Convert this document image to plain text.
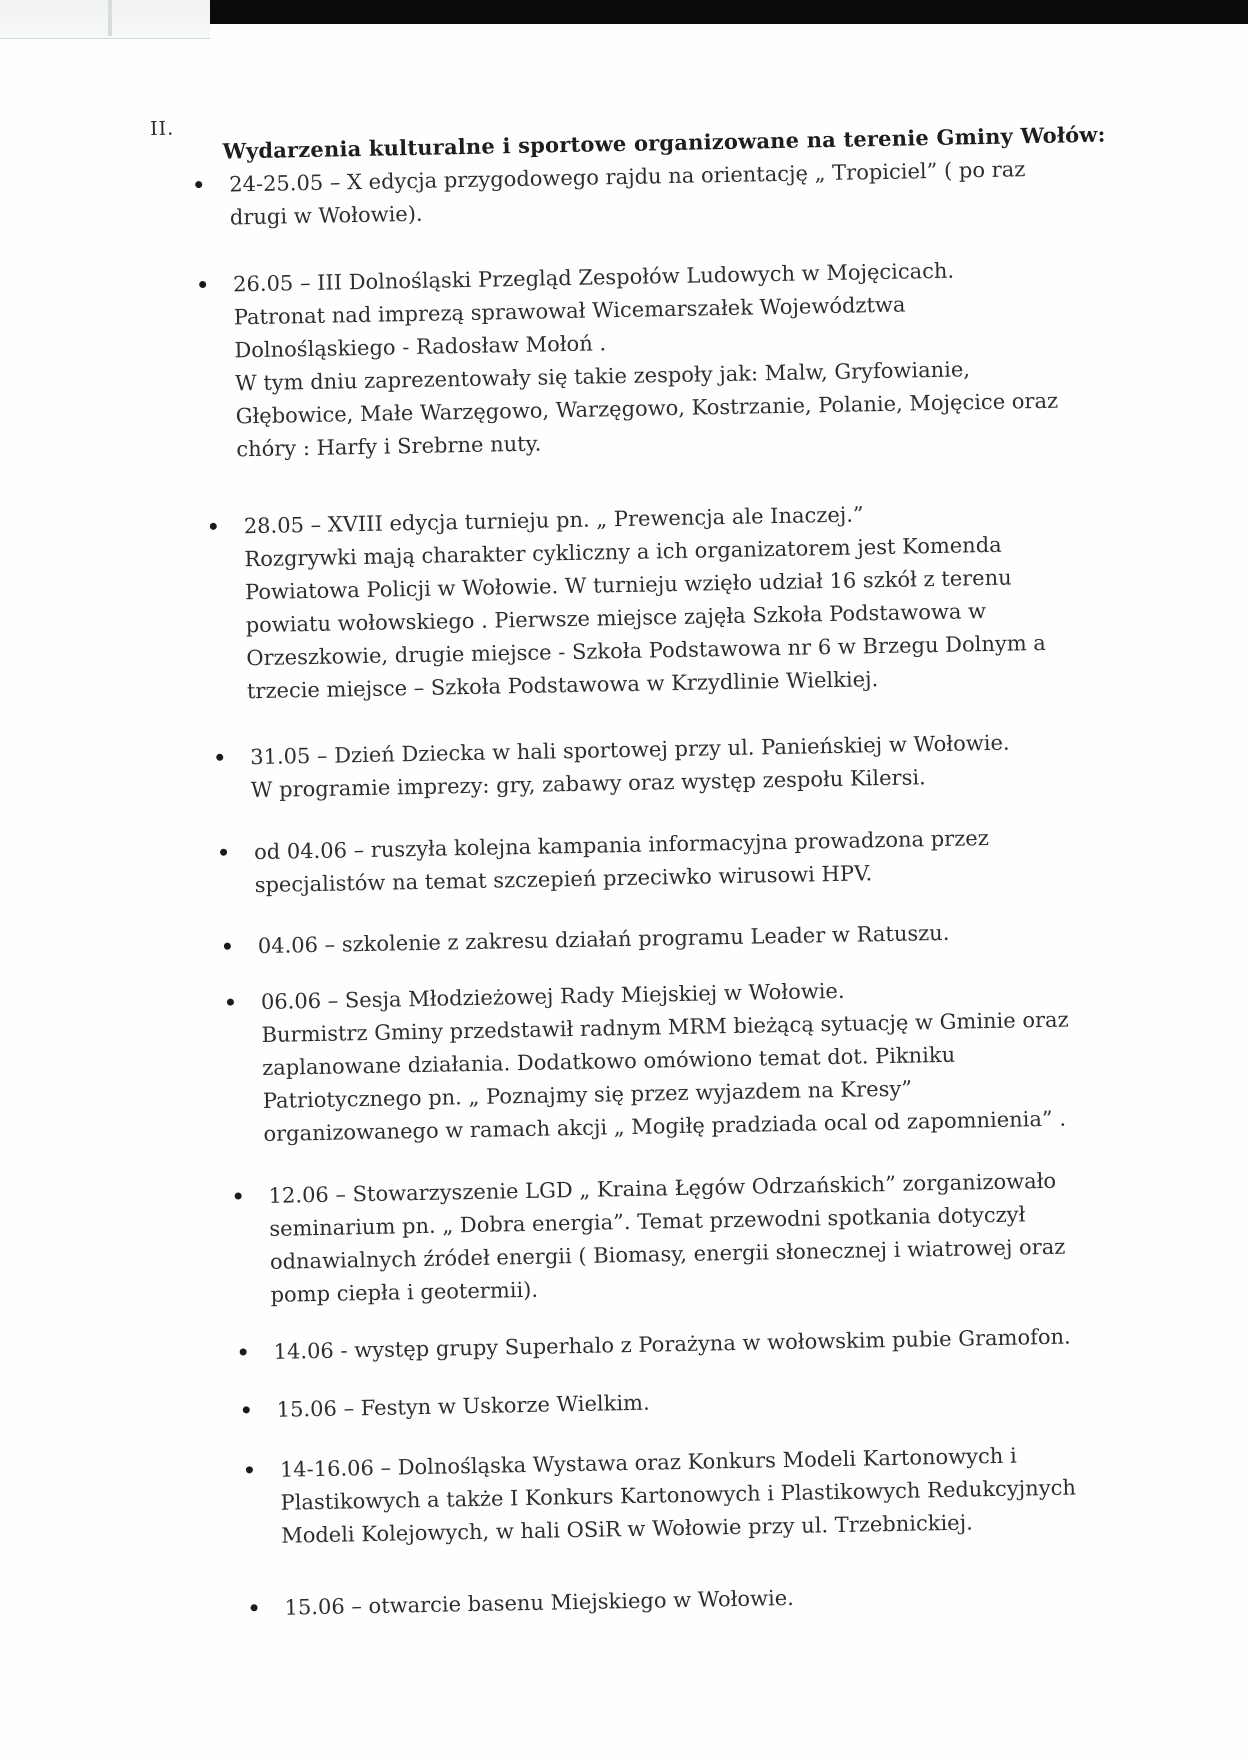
II. Wydarzenia kulturalne i sportowe organizowane na terenie Gminy Wołów:
24-25.05 – X edycja przygodowego rajdu na orientację „ Tropiciel” ( po raz
drugi w Wołowie).
26.05 – III Dolnośląski Przegląd Zespołów Ludowych w Mojęcicach.
Patronat nad imprezą sprawował Wicemarszałek Województwa
Dolnośląskiego - Radosław Mołoń .
W tym dniu zaprezentowały się takie zespoły jak: Malw, Gryfowianie,
Głębowice, Małe Warzęgowo, Warzęgowo, Kostrzanie, Polanie, Mojęcice oraz
chóry : Harfy i Srebrne nuty.
28.05 – XVIII edycja turnieju pn. „ Prewencja ale Inaczej.”
Rozgrywki mają charakter cykliczny a ich organizatorem jest Komenda
Powiatowa Policji w Wołowie. W turnieju wzięło udział 16 szkół z terenu
powiatu wołowskiego . Pierwsze miejsce zajęła Szkoła Podstawowa w
Orzeszkowie, drugie miejsce - Szkoła Podstawowa nr 6 w Brzegu Dolnym a
trzecie miejsce – Szkoła Podstawowa w Krzydlinie Wielkiej.
31.05 – Dzień Dziecka w hali sportowej przy ul. Panieńskiej w Wołowie.
W programie imprezy: gry, zabawy oraz występ zespołu Kilersi.
od 04.06 – ruszyła kolejna kampania informacyjna prowadzona przez
specjalistów na temat szczepień przeciwko wirusowi HPV.
04.06 – szkolenie z zakresu działań programu Leader w Ratuszu.
06.06 – Sesja Młodzieżowej Rady Miejskiej w Wołowie.
Burmistrz Gminy przedstawił radnym MRM bieżącą sytuację w Gminie oraz
zaplanowane działania. Dodatkowo omówiono temat dot. Pikniku
Patriotycznego pn. „ Poznajmy się przez wyjazdem na Kresy”
organizowanego w ramach akcji „ Mogiłę pradziada ocal od zapomnienia” .
12.06 – Stowarzyszenie LGD „ Kraina Łęgów Odrzańskich” zorganizowało
seminarium pn. „ Dobra energia”. Temat przewodni spotkania dotyczył
odnawialnych źródeł energii ( Biomasy, energii słonecznej i wiatrowej oraz
pomp ciepła i geotermii).
14.06 - występ grupy Superhalo z Porażyna w wołowskim pubie Gramofon.
15.06 – Festyn w Uskorze Wielkim.
14-16.06 – Dolnośląska Wystawa oraz Konkurs Modeli Kartonowych i
Plastikowych a także I Konkurs Kartonowych i Plastikowych Redukcyjnych
Modeli Kolejowych, w hali OSiR w Wołowie przy ul. Trzebnickiej.
15.06 – otwarcie basenu Miejskiego w Wołowie.
